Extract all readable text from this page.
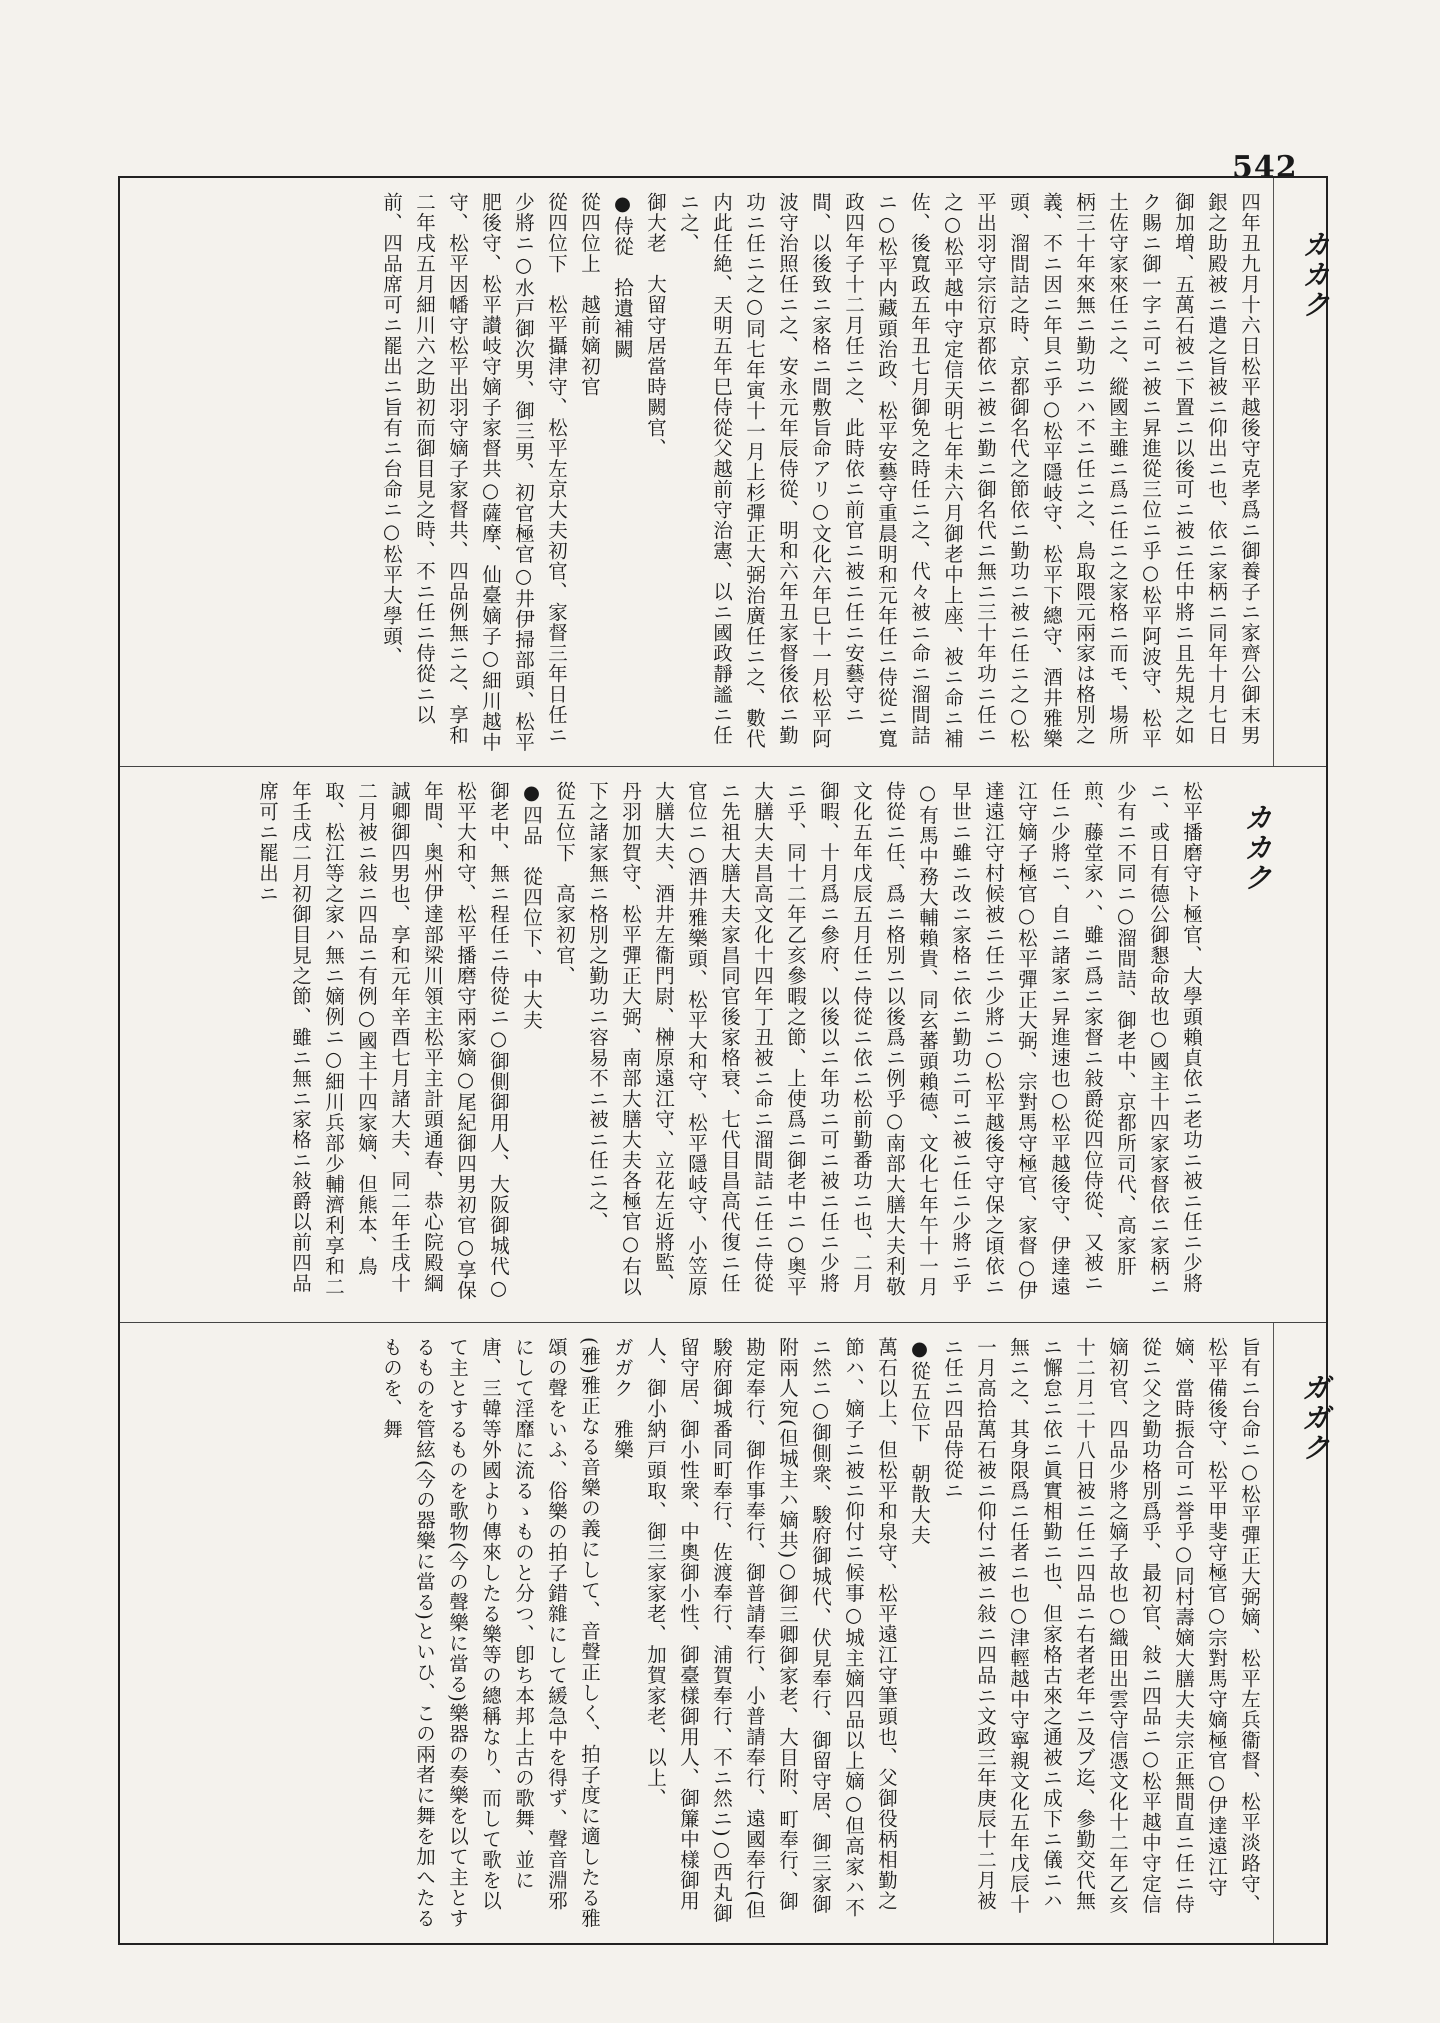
542
カカク
四年丑九月十六日松平越後守克孝爲ニ御養子ニ家齊公御末男銀之助殿被ニ遣之旨被ニ仰出ニ也、依ニ家柄ニ同年十月七日御加増、五萬石被ニ下置ニ以後可ニ被ニ任中將ニ且先規之如ク賜ニ御一字ニ可ニ被ニ昇進從三位ニ乎○松平阿波守、松平土佐守家來任ニ之、縱國主雖ニ爲ニ任ニ之家格ニ而モ、場所柄三十年來無ニ勤功ニハ不ニ任ニ之、鳥取隈元兩家は格別之義、不ニ因ニ年貝ニ乎○松平隱岐守、松平下總守、酒井雅樂頭、溜間詰之時、京都御名代之節依ニ勤功ニ被ニ任ニ之○松平出羽守宗衍京都依ニ被ニ勤ニ御名代ニ無ニ三十年功ニ任ニ之○松平越中守定信天明七年未六月御老中上座、被ニ命ニ補佐、後寬政五年丑七月御免之時任ニ之、代々被ニ命ニ溜間詰ニ○松平内藏頭治政、松平安藝守重晨明和元年任ニ侍從ニ寬政四年子十二月任ニ之、此時依ニ前官ニ被ニ任ニ安藝守ニ間、以後致ニ家格ニ間敷旨命アリ○文化六年巳十一月松平阿波守治照任ニ之、安永元年辰侍從、明和六年丑家督後依ニ勤功ニ任ニ之○同七年寅十一月上杉彈正大弼治廣任ニ之、數代内此任絶、天明五年巳侍從父越前守治憲、以ニ國政靜謐ニ任ニ之、
御大老　大留守居當時闕官、
●侍從　拾遺補闕
從四位上　越前嫡初官
從四位下　松平攝津守、松平左京大夫初官、家督三年日任ニ少將ニ○水戸御次男、御三男、初官極官○井伊掃部頭、松平肥後守、松平讃岐守嫡子家督共○薩摩、仙臺嫡子○細川越中守、松平因幡守松平出羽守嫡子家督共、四品例無ニ之、享和二年戌五月細川六之助初而御目見之時、不ニ任ニ侍從ニ以前、四品席可ニ罷出ニ旨有ニ台命ニ○松平大學頭、
カカク
松平播磨守ト極官、大學頭賴貞依ニ老功ニ被ニ任ニ少將ニ、或日有德公御懇命故也○國主十四家家督依ニ家柄ニ少有ニ不同ニ○溜間詰、御老中、京都所司代、高家肝煎、藤堂家ハ、雖ニ爲ニ家督ニ敍爵從四位侍從、又被ニ任ニ少將ニ、自ニ諸家ニ昇進速也○松平越後守、伊達遠江守嫡子極官○松平彈正大弼、宗對馬守極官、家督○伊達遠江守村候被ニ任ニ少將ニ○松平越後守守保之頃依ニ早世ニ雖ニ改ニ家格ニ依ニ勤功ニ可ニ被ニ任ニ少將ニ乎○有馬中務大輔賴貴、同玄蕃頭賴德、文化七年午十一月侍從ニ任、爲ニ格別ニ以後爲ニ例乎○南部大膳大夫利敬文化五年戊辰五月任ニ侍從ニ依ニ松前勤番功ニ也、二月御暇、十月爲ニ參府、以後以ニ年功ニ可ニ被ニ任ニ少將ニ乎、同十二年乙亥參暇之節、上使爲ニ御老中ニ○奥平大膳大夫昌高文化十四年丁丑被ニ命ニ溜間詰ニ任ニ侍從ニ先祖大膳大夫家昌同官後家格衰、七代目昌高代復ニ任官位ニ○酒井雅樂頭、松平大和守、松平隱岐守、小笠原大膳大夫、酒井左衞門尉、榊原遠江守、立花左近將監、丹羽加賀守、松平彈正大弼、南部大膳大夫各極官○右以下之諸家無ニ格別之勤功ニ容易不ニ被ニ任ニ之、
從五位下　高家初官、
●四品　從四位下、中大夫
御老中、無ニ程任ニ侍從ニ○御側御用人、大阪御城代○松平大和守、松平播磨守兩家嫡○尾紀御四男初官○享保年間、奥州伊達部梁川領主松平主計頭通春、恭心院殿綱誠卿御四男也、享和元年辛酉七月諸大夫、同二年壬戌十二月被ニ敍ニ四品ニ有例○國主十四家嫡、但熊本、鳥取、松江等之家ハ無ニ嫡例ニ○細川兵部少輔濟利享和二年壬戌二月初御目見之節、雖ニ無ニ家格ニ敍爵以前四品席可ニ罷出ニ
ガガク
旨有ニ台命ニ○松平彈正大弼嫡、松平左兵衞督、松平淡路守、松平備後守、松平甲斐守極官○宗對馬守嫡極官○伊達遠江守嫡、當時振合可ニ誉乎○同村壽嫡大膳大夫宗正無間直ニ任ニ侍從ニ父之勤功格別爲乎、最初官、敍ニ四品ニ○松平越中守定信嫡初官、四品少將之嫡子故也○織田出雲守信憑文化十二年乙亥十二月二十八日被ニ任ニ四品ニ右者老年ニ及ブ迄、參勤交代無ニ懈怠ニ依ニ眞實相勤ニ也、但家格古來之通被ニ成下ニ儀ニハ無ニ之、其身限爲ニ任者ニ也○津輕越中守寧親文化五年戊辰十一月高拾萬石被ニ仰付ニ被ニ敍ニ四品ニ文政三年庚辰十二月被ニ任ニ四品侍從ニ
●從五位下　朝散大夫
萬石以上、但松平和泉守、松平遠江守筆頭也、父御役柄相勤之節ハ、嫡子ニ被ニ仰付ニ候事○城主嫡四品以上嫡○但高家ハ不ニ然ニ○御側衆、駿府御城代、伏見奉行、御留守居、御三家御附兩人宛(但城主ハ嫡共)○御三卿御家老、大目附、町奉行、御勘定奉行、御作事奉行、御普請奉行、小普請奉行、遠國奉行(但駿府御城番同町奉行、佐渡奉行、浦賀奉行、不ニ然ニ)○西丸御留守居、御小性衆、中奧御小性、御臺樣御用人、御簾中樣御用人、御小納戸頭取、御三家家老、加賀家老、以上、
ガガク　雅樂
(雅)雅正なる音樂の義にして、音聲正しく、拍子度に適したる雅頌の聲をいふ、俗樂の拍子錯雜にして緩急中を得ず、聲音淵邪にして淫靡に流るゝものと分つ、卽ち本邦上古の歌舞、並に唐、三韓等外國より傳來したる樂等の總稱なり、而して歌を以て主とするものを歌物(今の聲樂に當る)樂器の奏樂を以て主とするものを管絃(今の器樂に當る)といひ、この兩者に舞を加へたるものを、舞
